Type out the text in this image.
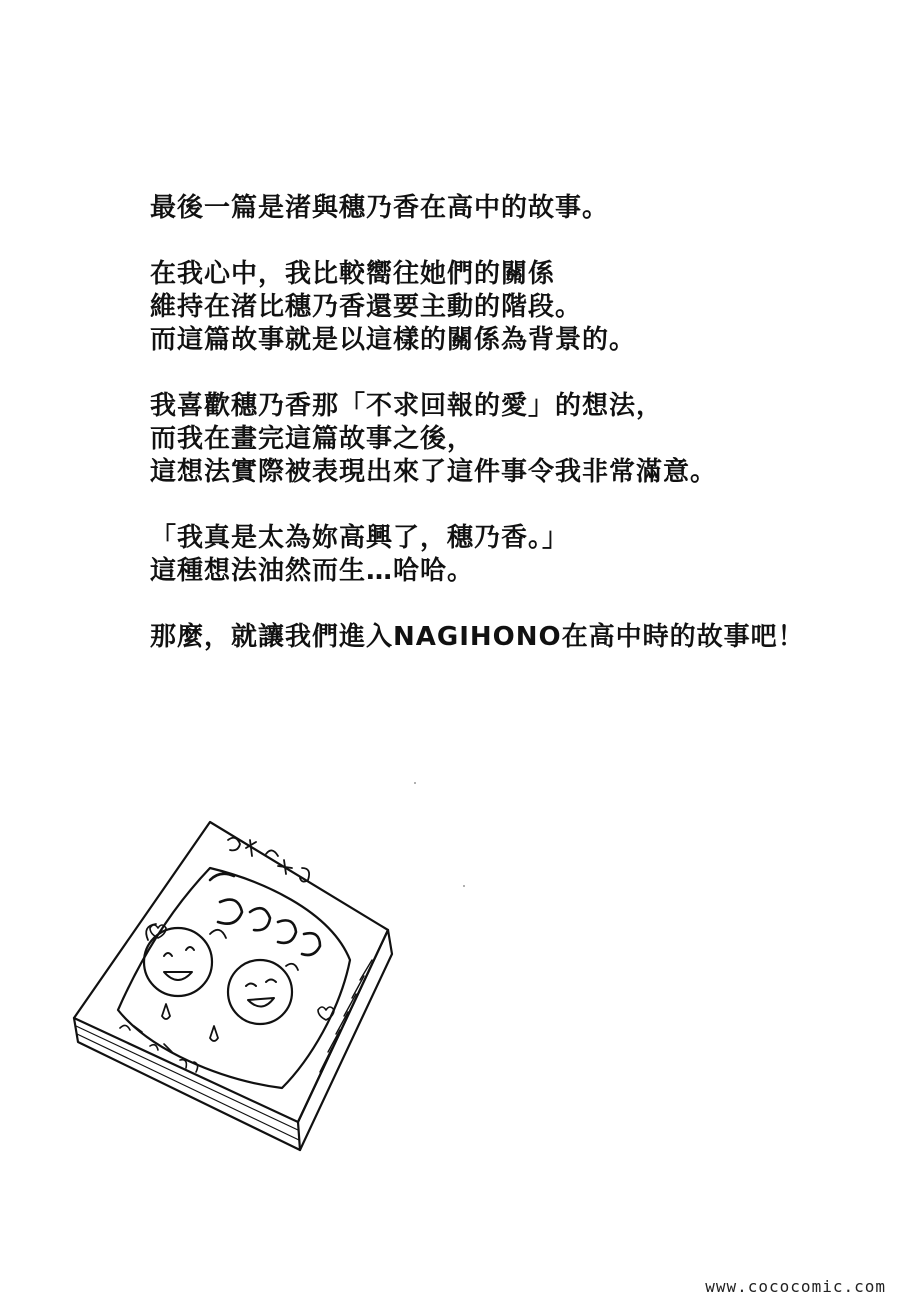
最後一篇是渚與穗乃香在高中的故事。

在我心中，我比較嚮往她們的關係
維持在渚比穗乃香還要主動的階段。
而這篇故事就是以這樣的關係為背景的。

我喜歡穗乃香那「不求回報的愛」的想法，
而我在畫完這篇故事之後，
這想法實際被表現出來了這件事令我非常滿意。

「我真是太為妳高興了，穗乃香。」
這種想法油然而生…哈哈。

那麼，就讓我們進入NAGIHONO在高中時的故事吧！

www.cococomic.com
